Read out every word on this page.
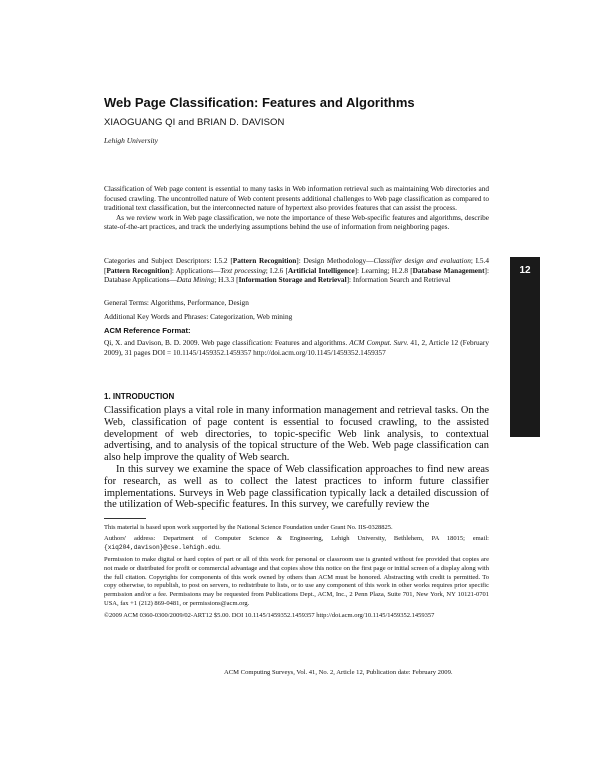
Web Page Classification: Features and Algorithms
XIAOGUANG QI and BRIAN D. DAVISON
Lehigh University

Classification of Web page content is essential to many tasks in Web information retrieval such as maintaining Web directories and focused crawling. The uncontrolled nature of Web content presents additional challenges to Web page classification as compared to traditional text classification, but the interconnected nature of hypertext also provides features that can assist the process.

As we review work in Web page classification, we note the importance of these Web-specific features and algorithms, describe state-of-the-art practices, and track the underlying assumptions behind the use of information from neighboring pages.

Categories and Subject Descriptors: I.5.2 [Pattern Recognition]: Design Methodology—Classifier design and evaluation; I.5.4 [Pattern Recognition]: Applications—Text processing; I.2.6 [Artificial Intelligence]: Learning; H.2.8 [Database Management]: Database Applications—Data Mining; H.3.3 [Information Storage and Retrieval]: Information Search and Retrieval
General Terms: Algorithms, Performance, Design
Additional Key Words and Phrases: Categorization, Web mining
ACM Reference Format:
Qi, X. and Davison, B. D. 2009. Web page classification: Features and algorithms. ACM Comput. Surv. 41, 2, Article 12 (February 2009), 31 pages DOI = 10.1145/1459352.1459357 http://doi.acm.org/10.1145/1459352.1459357
12
1. INTRODUCTION

Classification plays a vital role in many information management and retrieval tasks. On the Web, classification of page content is essential to focused crawling, to the assisted development of web directories, to topic-specific Web link analysis, to contextual advertising, and to analysis of the topical structure of the Web. Web page classification can also help improve the quality of Web search.

In this survey we examine the space of Web classification approaches to find new areas for research, as well as to collect the latest practices to inform future classifier implementations. Surveys in Web page classification typically lack a detailed discussion of the utilization of Web-specific features. In this survey, we carefully review the

This material is based upon work supported by the National Science Foundation under Grant No. IIS-0328825.

Authors' address: Department of Computer Science & Engineering, Lehigh University, Bethlehem, PA 18015; email: {xiq204,davison}@cse.lehigh.edu.

Permission to make digital or hard copies of part or all of this work for personal or classroom use is granted without fee provided that copies are not made or distributed for profit or commercial advantage and that copies show this notice on the first page or initial screen of a display along with the full citation. Copyrights for components of this work owned by others than ACM must be honored. Abstracting with credit is permitted. To copy otherwise, to republish, to post on servers, to redistribute to lists, or to use any component of this work in other works requires prior specific permission and/or a fee. Permissions may be requested from Publications Dept., ACM, Inc., 2 Penn Plaza, Suite 701, New York, NY 10121-0701 USA, fax +1 (212) 869-0481, or permissions@acm.org.

©2009 ACM 0360-0300/2009/02-ART12 $5.00. DOI 10.1145/1459352.1459357 http://doi.acm.org/10.1145/1459352.1459357

ACM Computing Surveys, Vol. 41, No. 2, Article 12, Publication date: February 2009.
